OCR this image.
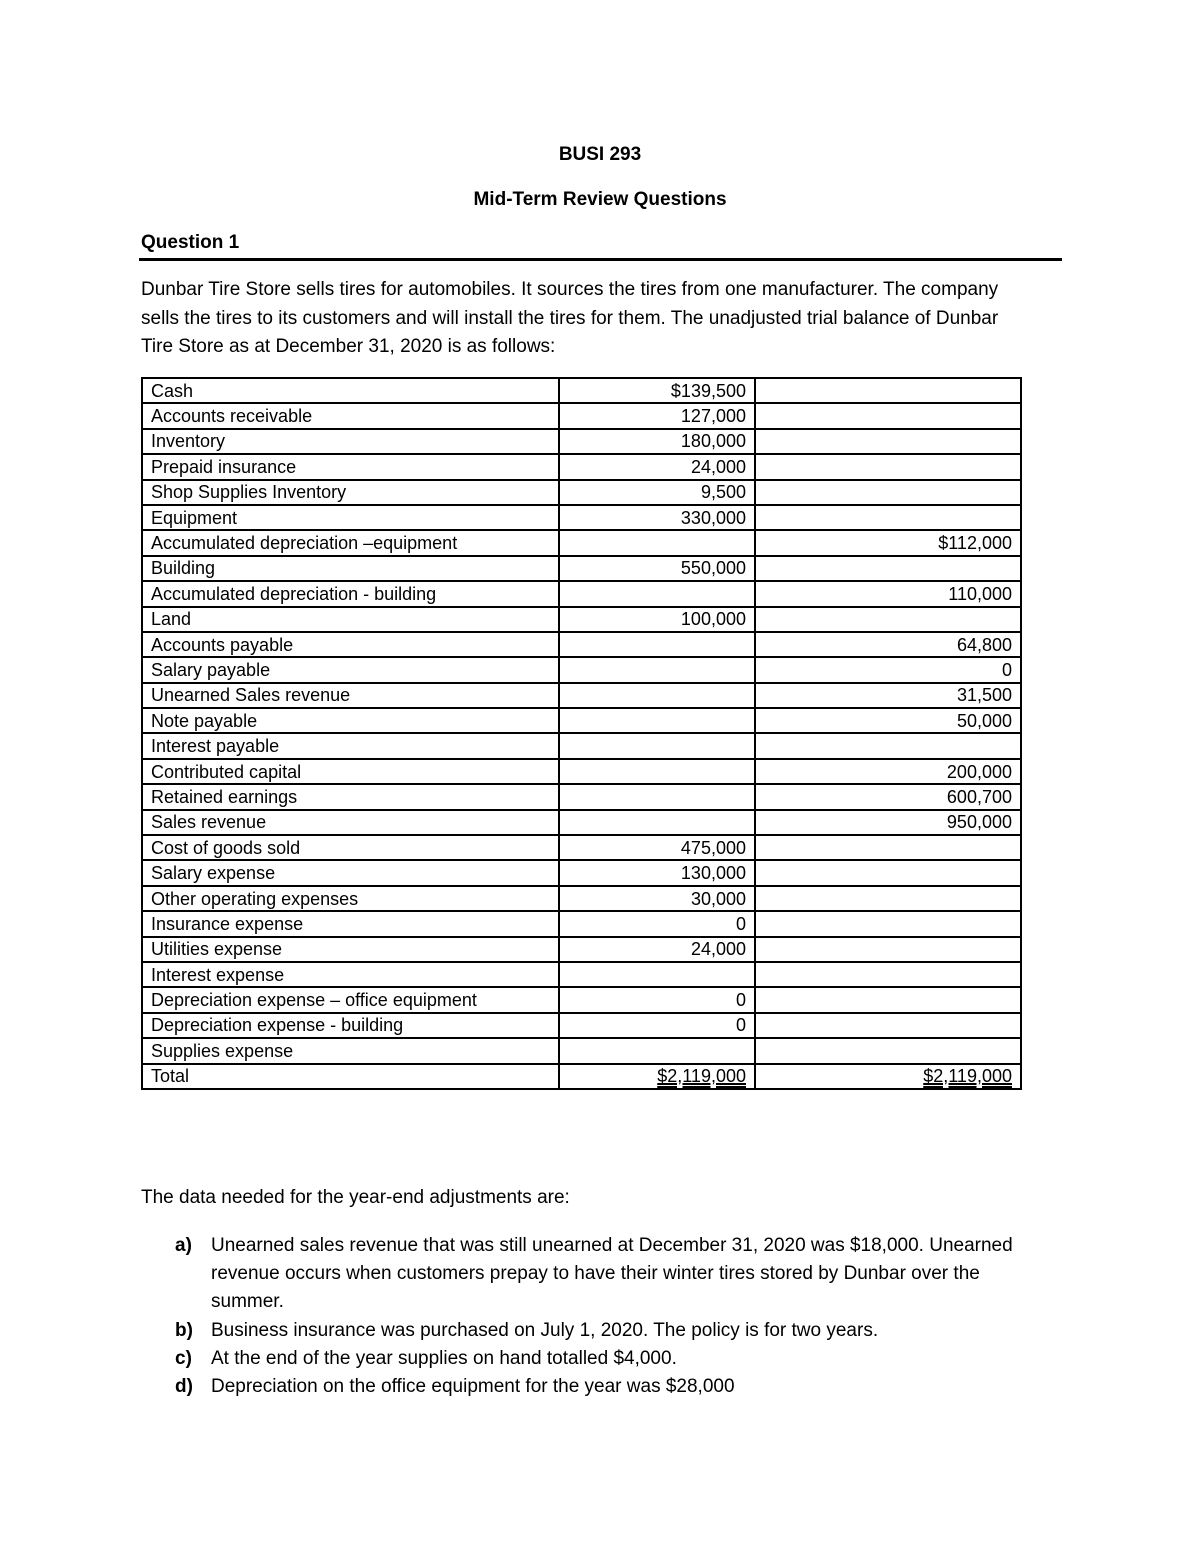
BUSI 293
Mid-Term Review Questions
Question 1

Dunbar Tire Store sells tires for automobiles. It sources the tires from one manufacturer. The company
sells the tires to its customers and will install the tires for them. The unadjusted trial balance of Dunbar
Tire Store as at December 31, 2020 is as follows:

Cash	$139,500	
Accounts receivable	127,000	
Inventory	180,000	
Prepaid insurance	24,000	
Shop Supplies Inventory	9,500	
Equipment	330,000	
Accumulated depreciation –equipment		$112,000
Building	550,000	
Accumulated depreciation - building		110,000
Land	100,000	
Accounts payable		64,800
Salary payable		0
Unearned Sales revenue		31,500
Note payable		50,000
Interest payable		
Contributed capital		200,000
Retained earnings		600,700
Sales revenue		950,000
Cost of goods sold	475,000	
Salary expense	130,000	
Other operating expenses	30,000	
Insurance expense	0	
Utilities expense	24,000	
Interest expense		
Depreciation expense – office equipment	0	
Depreciation expense - building	0	
Supplies expense		
Total	$2,119,000	$2,119,000
The data needed for the year-end adjustments are:
a) Unearned sales revenue that was still unearned at December 31, 2020 was $18,000. Unearned
revenue occurs when customers prepay to have their winter tires stored by Dunbar over the
summer.
b) Business insurance was purchased on July 1, 2020. The policy is for two years.
c) At the end of the year supplies on hand totalled $4,000.
d) Depreciation on the office equipment for the year was $28,000
